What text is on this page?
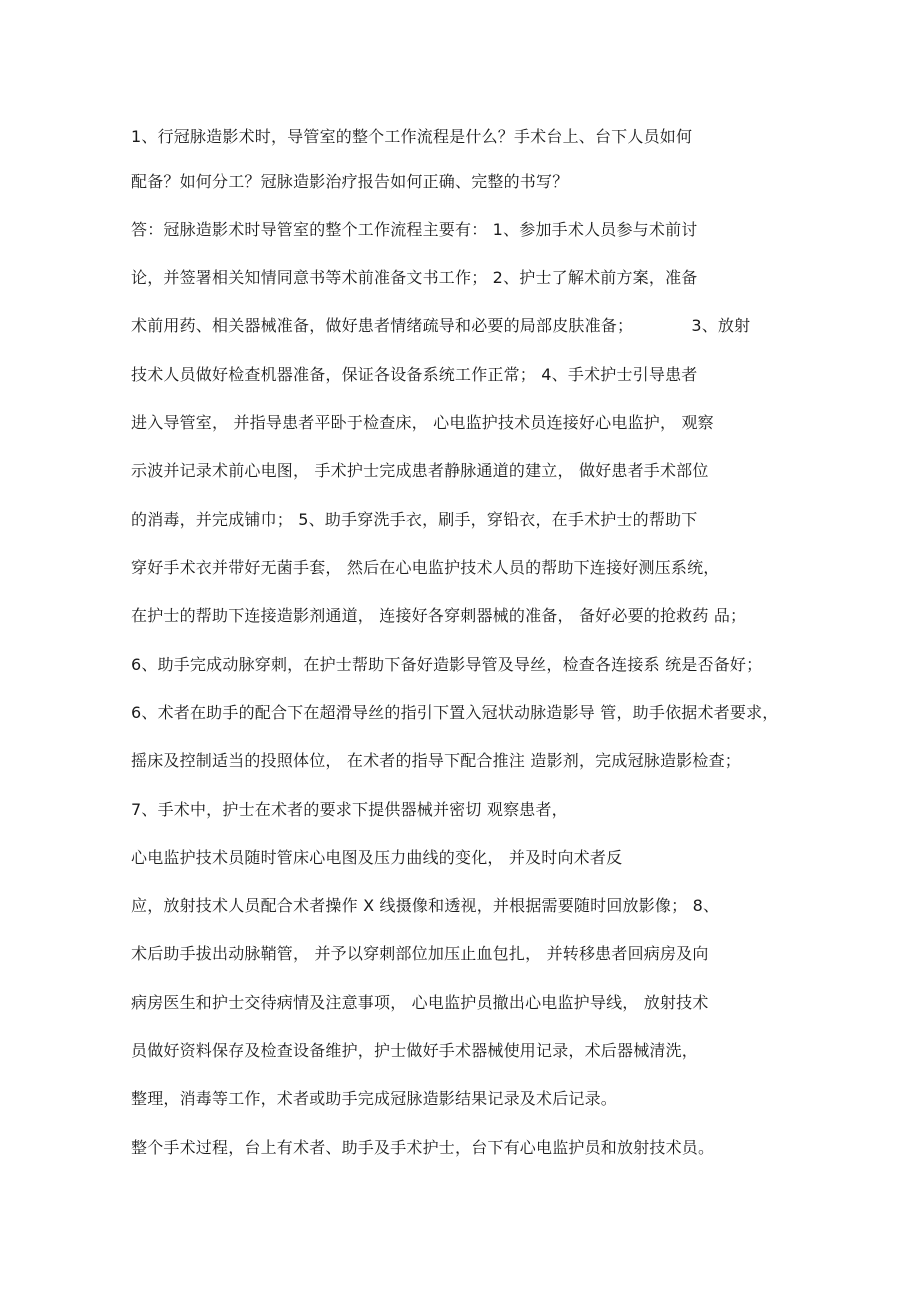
1、行冠脉造影术时，导管室的整个工作流程是什么？手术台上、台下人员如何

配备？如何分工？冠脉造影治疗报告如何正确、完整的书写？

答：冠脉造影术时导管室的整个工作流程主要有： 1、参加手术人员参与术前讨

论，并签署相关知情同意书等术前准备文书工作； 2、护士了解术前方案，准备

术前用药、相关器械准备，做好患者情绪疏导和必要的局部皮肤准备；           3、放射

技术人员做好检查机器准备，保证各设备系统工作正常； 4、手术护士引导患者

进入导管室， 并指导患者平卧于检查床， 心电监护技术员连接好心电监护， 观察

示波并记录术前心电图， 手术护士完成患者静脉通道的建立， 做好患者手术部位

的消毒，并完成铺巾； 5、助手穿洗手衣，刷手，穿铅衣，在手术护士的帮助下

穿好手术衣并带好无菌手套， 然后在心电监护技术人员的帮助下连接好测压系统，

在护士的帮助下连接造影剂通道， 连接好各穿刺器械的准备， 备好必要的抢救药 品；

6、助手完成动脉穿刺，在护士帮助下备好造影导管及导丝，检查各连接系 统是否备好；

6、术者在助手的配合下在超滑导丝的指引下置入冠状动脉造影导 管，助手依据术者要求，

摇床及控制适当的投照体位， 在术者的指导下配合推注 造影剂，完成冠脉造影检查；

7、手术中，护士在术者的要求下提供器械并密切 观察患者，

心电监护技术员随时管床心电图及压力曲线的变化， 并及时向术者反

应，放射技术人员配合术者操作 X 线摄像和透视，并根据需要随时回放影像； 8、

术后助手拔出动脉鞘管， 并予以穿刺部位加压止血包扎， 并转移患者回病房及向

病房医生和护士交待病情及注意事项， 心电监护员撤出心电监护导线， 放射技术

员做好资料保存及检查设备维护，护士做好手术器械使用记录，术后器械清洗，

整理，消毒等工作，术者或助手完成冠脉造影结果记录及术后记录。

整个手术过程，台上有术者、助手及手术护士，台下有心电监护员和放射技术员。
